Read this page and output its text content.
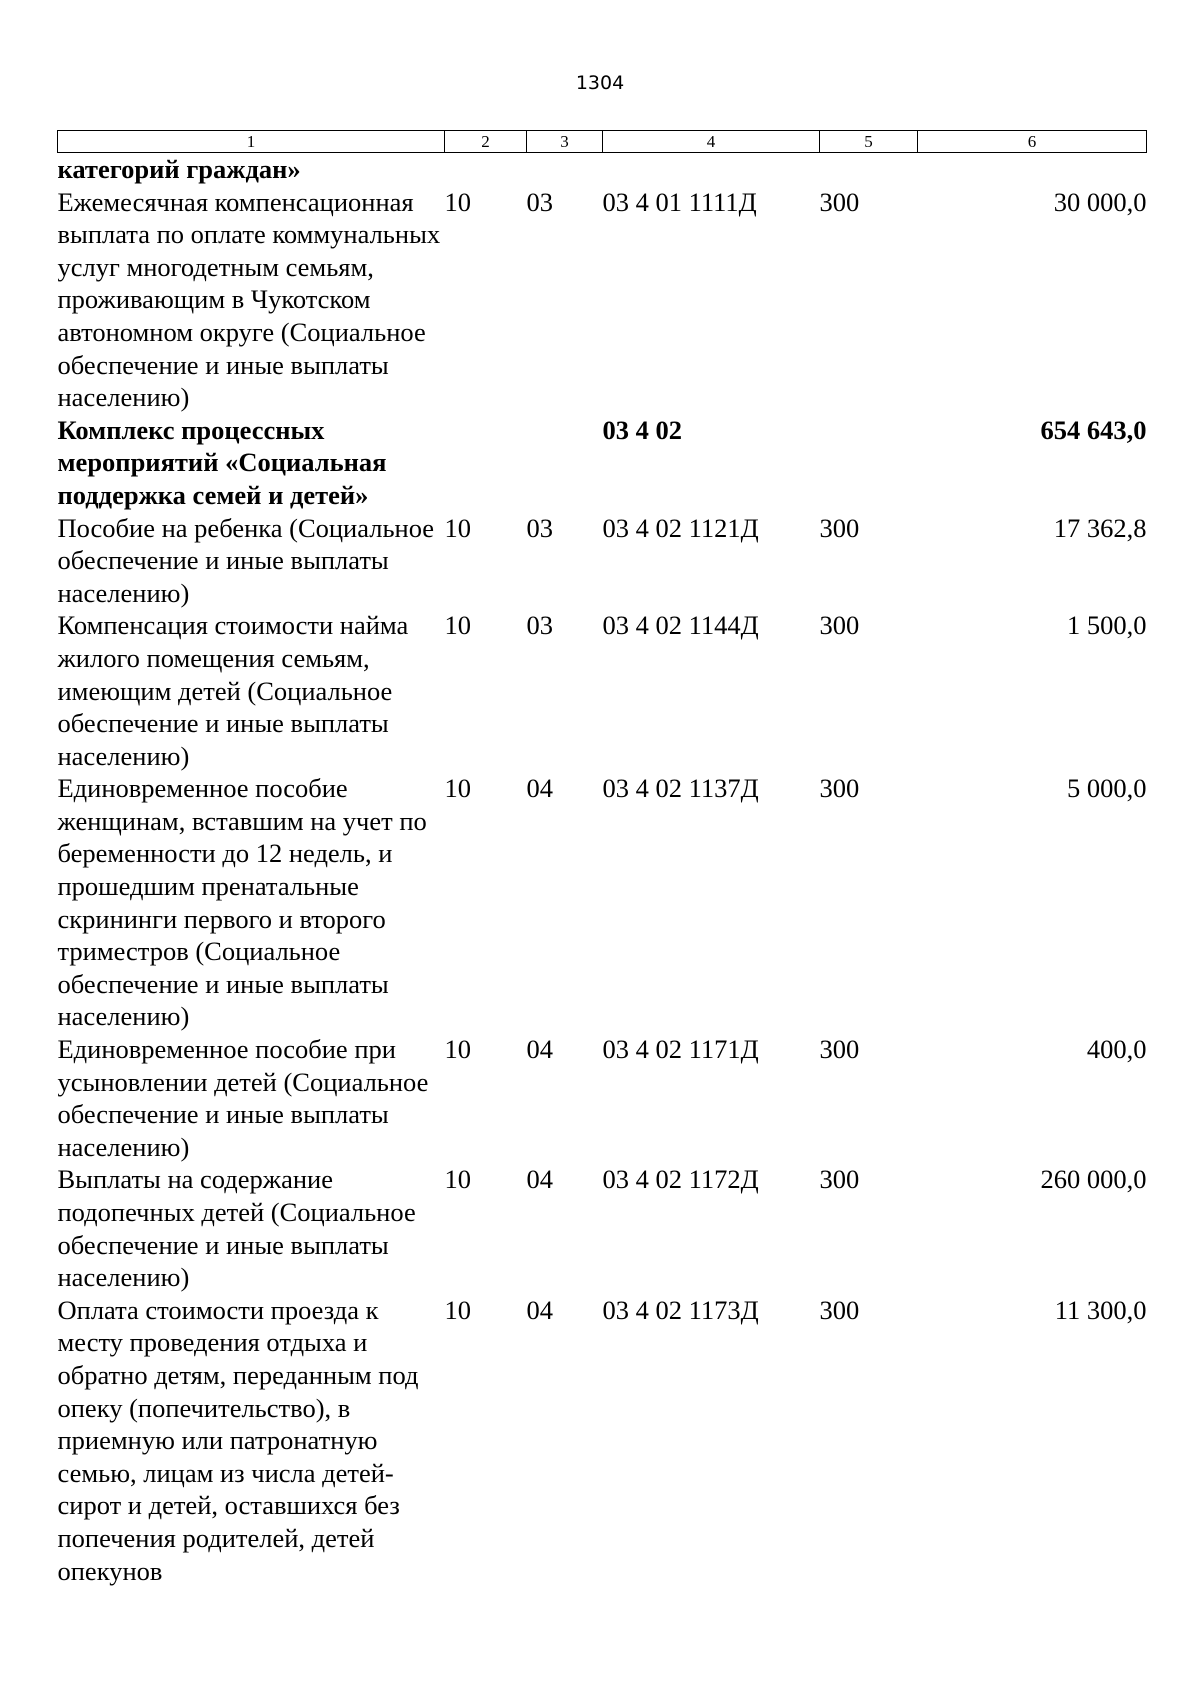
1304
1	2	3	4	5	6
категорий граждан»					
Ежемесячная компенсационная выплата по оплате коммунальных услуг многодетным семьям, проживающим в Чукотском автономном округе (Социальное обеспечение и иные выплаты населению)	10	03	03 4 01 1111Д	300	30 000,0
Комплекс процессных мероприятий «Социальная поддержка семей и детей»			03 4 02		654 643,0
Пособие на ребенка (Социальное обеспечение и иные выплаты населению)	10	03	03 4 02 1121Д	300	17 362,8
Компенсация стоимости найма жилого помещения семьям, имеющим детей (Социальное обеспечение и иные выплаты населению)	10	03	03 4 02 1144Д	300	1 500,0
Единовременное пособие женщинам, вставшим на учет по беременности до 12 недель, и прошедшим пренатальные скрининги первого и второго триместров (Социальное обеспечение и иные выплаты населению)	10	04	03 4 02 1137Д	300	5 000,0
Единовременное пособие при усыновлении детей (Социальное обеспечение и иные выплаты населению)	10	04	03 4 02 1171Д	300	400,0
Выплаты на содержание подопечных детей (Социальное обеспечение и иные выплаты населению)	10	04	03 4 02 1172Д	300	260 000,0
Оплата стоимости проезда к месту проведения отдыха и обратно детям, переданным под опеку (попечительство), в приемную или патронатную семью, лицам из числа детей-сирот и детей, оставшихся без попечения родителей, детей опекунов	10	04	03 4 02 1173Д	300	11 300,0
